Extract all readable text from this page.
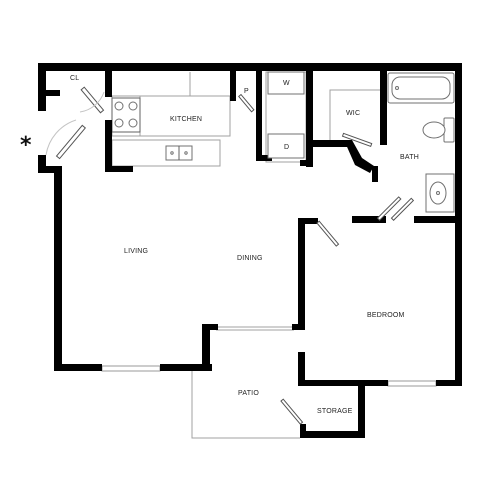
*
CL
KITCHEN
P
W
D
WIC
BATH
LIVING
DINING
BEDROOM
PATIO
STORAGE
